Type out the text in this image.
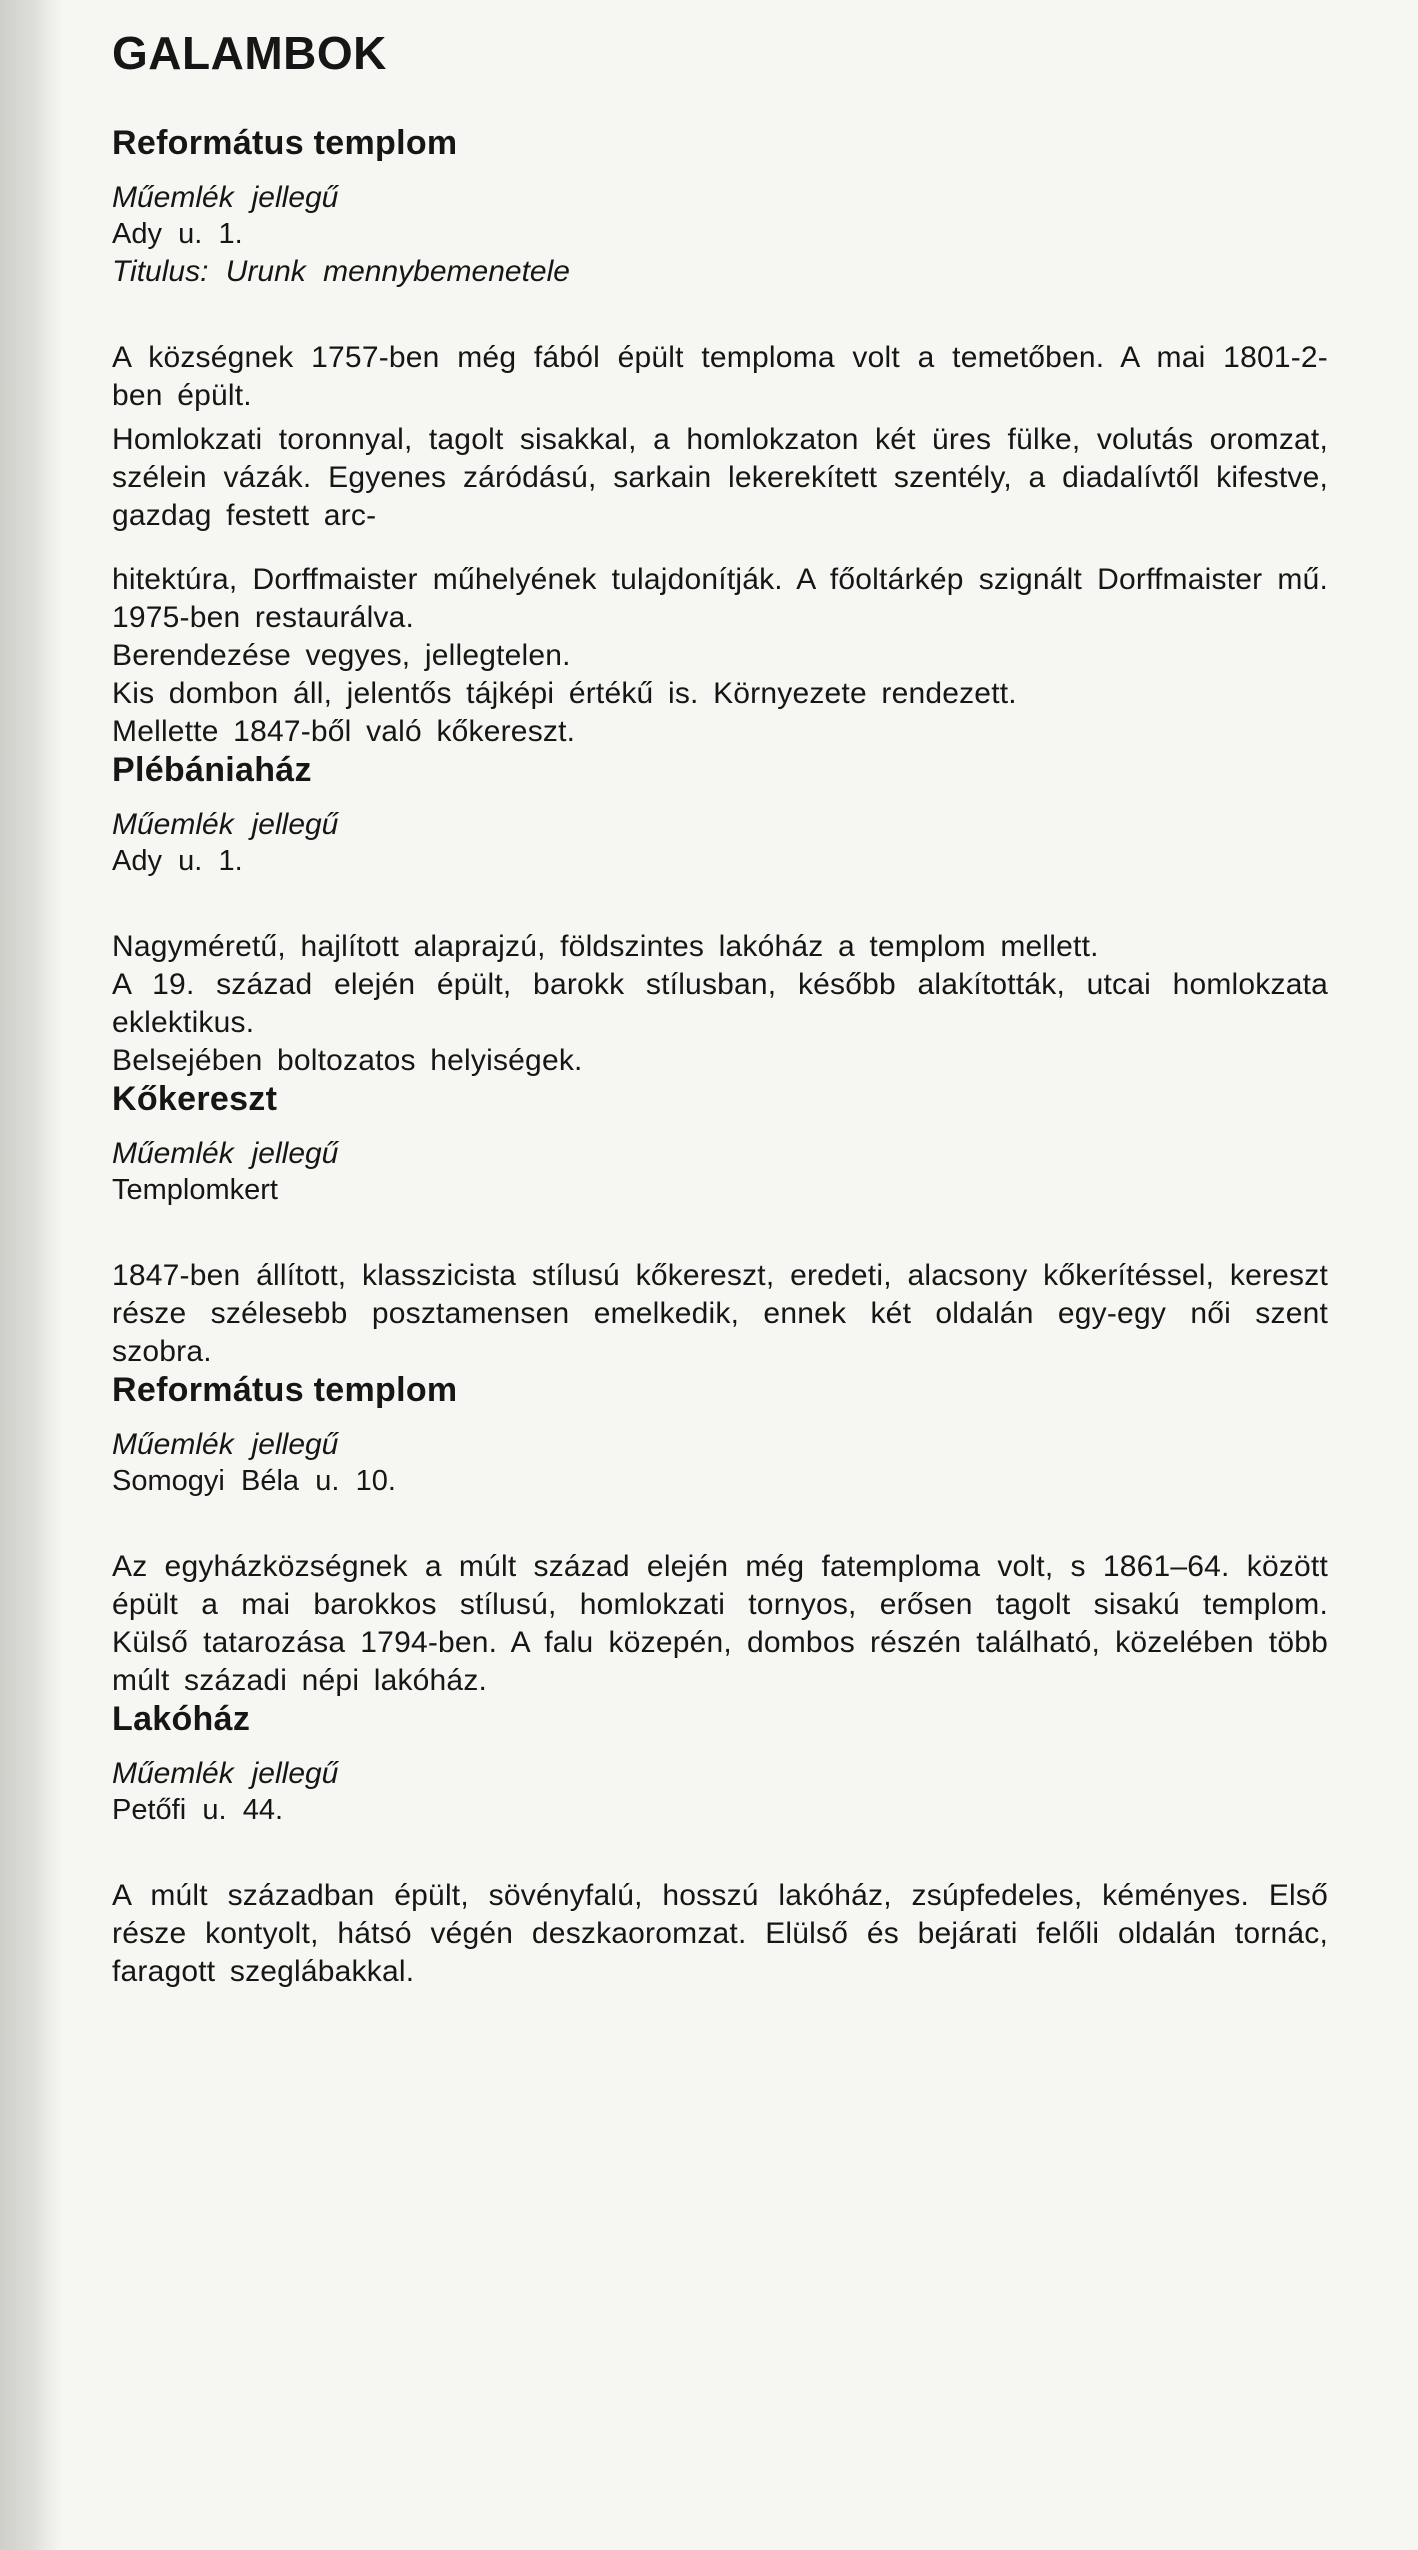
GALAMBOK
Református templom

Műemlék jellegű

Ady u. 1.

Titulus: Urunk mennybemenetele

A községnek 1757-ben még fából épült temploma volt a temetőben. A mai 1801-2-ben épült.

Homlokzati toronnyal, tagolt sisakkal, a homlokzaton két üres fülke, volutás oromzat, szélein vázák. Egyenes záródású, sarkain lekerekített szentély, a diadalívtől kifestve, gazdag festett arc-

hitektúra, Dorffmaister műhelyének tulajdonítják. A főoltárkép szignált Dorffmaister mű. 1975-ben restaurálva.

Berendezése vegyes, jellegtelen.

Kis dombon áll, jelentős tájképi értékű is. Környezete rendezett.

Mellette 1847-ből való kőkereszt.

Plébániaház

Műemlék jellegű

Ady u. 1.

Nagyméretű, hajlított alaprajzú, földszintes lakóház a templom mellett.

A 19. század elején épült, barokk stílusban, később alakították, utcai homlokzata eklektikus.

Belsejében boltozatos helyiségek.

Kőkereszt

Műemlék jellegű

Templomkert

1847-ben állított, klasszicista stílusú kőkereszt, eredeti, alacsony kőkerítéssel, kereszt része szélesebb posztamensen emelkedik, ennek két oldalán egy-egy női szent szobra.

Református templom

Műemlék jellegű

Somogyi Béla u. 10.

Az egyházközségnek a múlt század elején még fatemploma volt, s 1861–64. között épült a mai barokkos stílusú, homlokzati tornyos, erősen tagolt sisakú templom. Külső tatarozása 1794-ben. A falu közepén, dombos részén található, közelében több múlt századi népi lakóház.

Lakóház

Műemlék jellegű

Petőfi u. 44.

A múlt században épült, sövényfalú, hosszú lakóház, zsúpfedeles, kéményes. Első része kontyolt, hátsó végén deszkaoromzat. Elülső és bejárati felőli oldalán tornác, faragott szeglábakkal.
